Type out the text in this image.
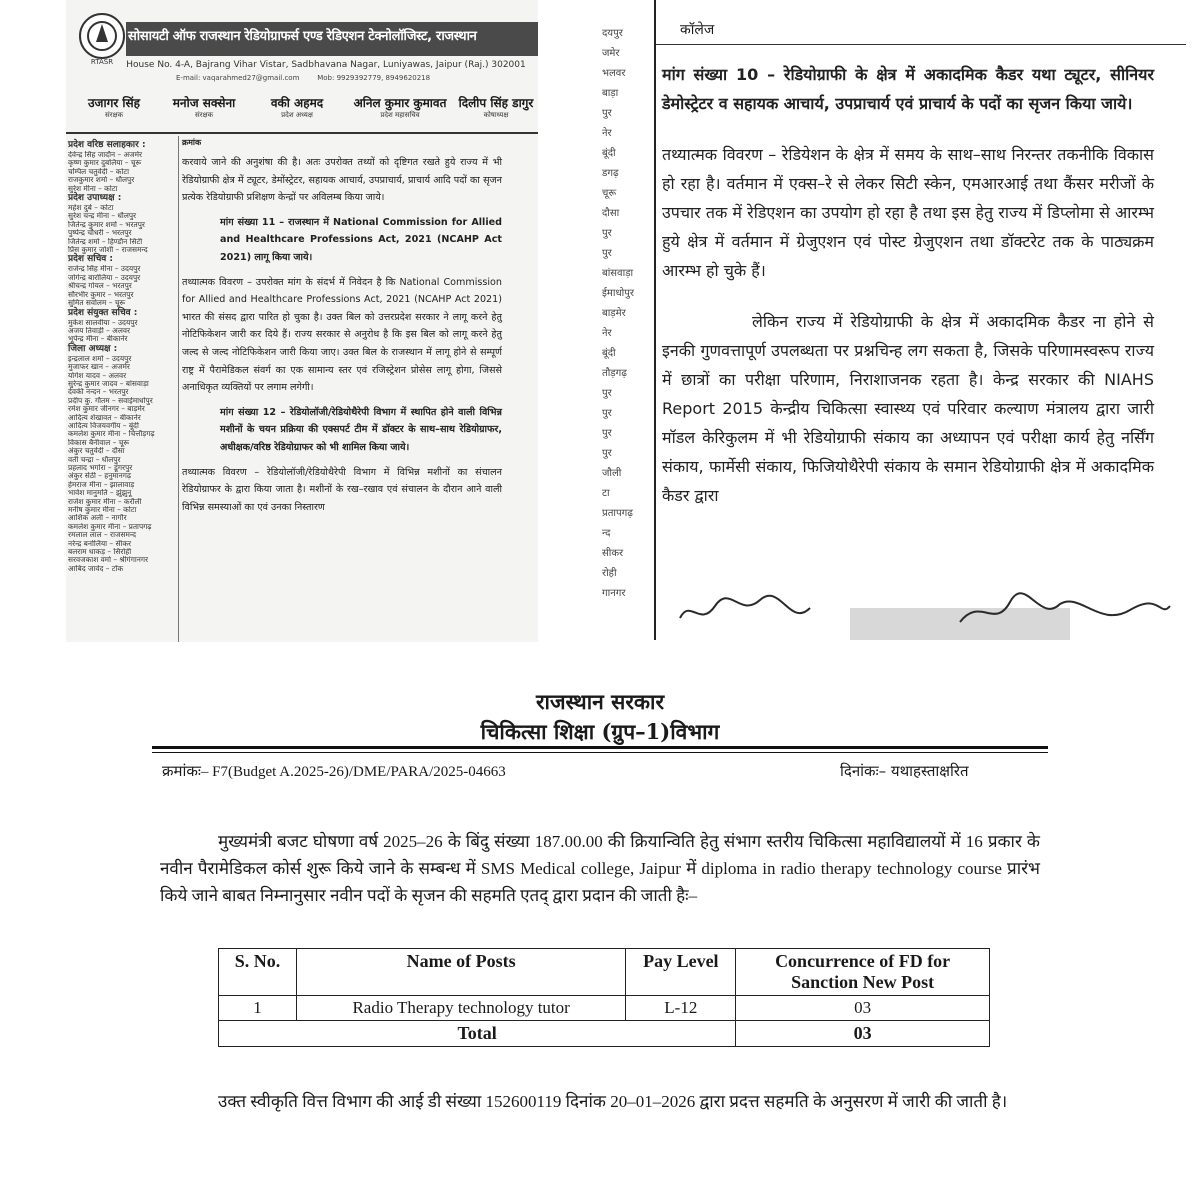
सोसायटी ऑफ राजस्थान रेडियोग्राफर्स एण्ड रेडिएशन टेक्नोलॉजिस्ट, राजस्थान
RTASR House No. 4-A, Bajrang Vihar Vistar, Sadbhavana Nagar, Luniyawas, Jaipur (Raj.) 302001
E-mail: vaqarahmed27@gmail.com	Mob: 9929392779, 8949620218
उजागर सिंह
संरक्षक
मनोज सक्सेना
संरक्षक
वकी अहमद
प्रदेश अध्यक्ष
अनिल कुमार कुमावत
प्रदेश महासचिव
दिलीप सिंह डागुर
कोषाध्यक्ष
प्रदेश वरिष्ठ सलाहकार :
देवेन्द्र सिंह जादौन – अजमेर
कृष्ण कुमार दुबलिया – चूरू
चम्पिल चतुर्वेदी – कोटा
राजकुमार शर्मा – धौलपुर
सुरेश मीना – कोटा
प्रदेश उपाध्यक्ष :
महेश दुबे – कोटा
सुरेश चन्द्र मीना – धौलपुर
जितेन्द्र कुमार शर्मा – भरतपुर
पुष्पेन्द्र चौधरी – भरतपुर
जितेन्द्र शर्मा – हिण्डौन सिटी
प्रिंस कुमार जोशी – राजसमन्द
प्रदेश सचिव :
राजेन्द्र सिंह मीना – उदयपुर
जोगेन्द्र बारोलिया – उदयपुर
श्रीचन्द्र गोयल – भरतपुर
सौरभीर कुमार – भरतपुर
सुमित सर्वालम – चूरू
प्रदेश संयुक्त सचिव :
मुकेश सालवीया – उदयपुर
अजय तिवाड़ी – अलवर
भूपेन्द्र मीना – बीकानेर
जिला अध्यक्ष :
इन्द्रलाल शर्मा – उदयपुर
मुजाफर खान – अजमेर
योगेश यादव – अलवर
सुरेन्द्र कुमार जादव – बांसवाड़ा
देवकी नन्दन – भरतपुर
प्रदीप कु. गौतम – सवाईमाधोपुर
रमेश कुमार जीनगर – बाड़मेर
आदित्य शेखावत – बीकानेर
आदित्य विजयवर्गीय – बूंदी
कमलेश कुमार मीना – चित्तौड़गढ़
विकास बैनीवाल – चूरू
अंकुर चतुर्वेदी – दौसा
वर्ती चन्द्रा – धौलपुर
प्रहलाद भगोरा – डूंगरपुर
अंकुर सेठी – हनुमानगढ़
हेमराज मीना – झालावाड़
भावेश मानुमति – झुंझुनू
राजेश कुमार मीना – करौली
मनीष कुमार मीना – कोटा
आशिक अली – नागौर
कमलेश कुमार मीना – प्रतापगढ़
रमलाल लाल – राजसमन्द
नरेन्द्र बर्नालिया – सीकर
बलराम धाकड़ – सिरोही
सरवजकाश वर्मा – श्रीगंगानगर
आबिद जावेद – टोंक
क्रमांक

करवाये जाने की अनुशंषा की है। अतः उपरोक्त तथ्यों को दृष्टिगत रखते हुये राज्य में भी रेडियोग्राफी क्षेत्र में ट्यूटर, डेमोंस्ट्रेटर, सहायक आचार्य, उपप्राचार्य, प्राचार्य आदि पदों का सृजन प्रत्येक रेडियोग्राफी प्रशिक्षण केन्द्रों पर अविलम्ब किया जाये।

मांग संख्या 11 – राजस्थान में National Commission for Allied and Healthcare Professions Act, 2021 (NCAHP Act 2021) लागू किया जाये।

तथ्यात्मक विवरण – उपरोक्त मांग के संदर्भ में निवेदन है कि National Commission for Allied and Healthcare Professions Act, 2021 (NCAHP Act 2021) भारत की संसद द्वारा पारित हो चुका है। उक्त बिल को उत्तरप्रदेश सरकार ने लागू करने हेतु नोटिफिकेशन जारी कर दिये हैं। राज्य सरकार से अनुरोध है कि इस बिल को लागू करने हेतु जल्द से जल्द नोटिफिकेशन जारी किया जाए। उक्त बिल के राजस्थान में लागू होने से सम्पूर्ण राष्ट्र में पैरामेडिकल संवर्ग का एक सामान्य स्तर एवं रजिस्ट्रेशन प्रोसेस लागू होगा, जिससे अनाधिकृत व्यक्तियों पर लगाम लगेगी।

मांग संख्या 12 – रेडियोलॉजी/रेडियोथैरेपी विभाग में स्थापित होने वाली विभिन्न मशीनों के चयन प्रक्रिया की एक्सपर्ट टीम में डॉक्टर के साथ–साथ रेडियोग्राफर, अधीक्षक/वरिष्ठ रेडियोग्राफर को भी शामिल किया जाये।

तथ्यात्मक विवरण – रेडियोलॉजी/रेडियोथैरेपी विभाग में विभिन्न मशीनों का संचालन रेडियोग्राफर के द्वारा किया जाता है। मशीनों के रख–रखाव एवं संचालन के दौरान आने वाली विभिन्न समस्याओं का एवं उनका निस्तारण

दयपुर
जमेर
भलवर
बाड़ा
पुर
नेर
बूंदी
डगढ़
चूरू
दौसा
पुर
पुर
बांसवाड़ा
ईमाधोपुर
बाड़मेर
नेर
बूंदी
तौड़गढ़
पुर
पुर
पुर
पुर
जौली
टा
प्रतापगढ़
न्द
सीकर
रोही
गानगर
कॉलेज

मांग संख्या 10 – रेडियोग्राफी के क्षेत्र में अकादमिक कैडर यथा ट्यूटर, सीनियर डेमोस्ट्रेटर व सहायक आचार्य, उपप्राचार्य एवं प्राचार्य के पदों का सृजन किया जाये।

तथ्यात्मक विवरण – रेडियेशन के क्षेत्र में समय के साथ–साथ निरन्तर तकनीकि विकास हो रहा है। वर्तमान में एक्स–रे से लेकर सिटी स्केन, एमआरआई तथा कैंसर मरीजों के उपचार तक में रेडिएशन का उपयोग हो रहा है तथा इस हेतु राज्य में डिप्लोमा से आरम्भ हुये क्षेत्र में वर्तमान में ग्रेजुएशन एवं पोस्ट ग्रेजुएशन तथा डॉक्टरेट तक के पाठ्यक्रम आरम्भ हो चुके हैं।

लेकिन राज्य में रेडियोग्राफी के क्षेत्र में अकादमिक कैडर ना होने से इनकी गुणवत्तापूर्ण उपलब्धता पर प्रश्नचिन्ह लग सकता है, जिसके परिणामस्वरूप राज्य में छात्रों का परीक्षा परिणाम, निराशाजनक रहता है। केन्द्र सरकार की NIAHS Report 2015 केन्द्रीय चिकित्सा स्वास्थ्य एवं परिवार कल्याण मंत्रालय द्वारा जारी मॉडल केरिकुलम में भी रेडियोग्राफी संकाय का अध्यापन एवं परीक्षा कार्य हेतु नर्सिंग संकाय, फार्मेसी संकाय, फिजियोथैरेपी संकाय के समान रेडियोग्राफी क्षेत्र में अकादमिक कैडर द्वारा

राजस्थान सरकार
चिकित्सा शिक्षा (ग्रुप–1)विभाग
क्रमांकः– F7(Budget A.2025-26)/DME/PARA/2025-04663	दिनांकः– यथाहस्ताक्षरित
मुख्यमंत्री बजट घोषणा वर्ष 2025–26 के बिंदु संख्या 187.00.00 की क्रियान्विति हेतु संभाग स्तरीय चिकित्सा महाविद्यालयों में 16 प्रकार के नवीन पैरामेडिकल कोर्स शुरू किये जाने के सम्बन्ध में SMS Medical college, Jaipur में diploma in radio therapy technology course प्रारंभ किये जाने बाबत निम्नानुसार नवीन पदों के सृजन की सहमति एतद् द्वारा प्रदान की जाती हैः–
S. No.	Name of Posts	Pay Level	Concurrence of FD for Sanction New Post
1	Radio Therapy technology tutor	L-12	03
Total			03
उक्त स्वीकृति वित्त विभाग की आई डी संख्या 152600119 दिनांक 20–01–2026 द्वारा प्रदत्त सहमति के अनुसरण में जारी की जाती है।
